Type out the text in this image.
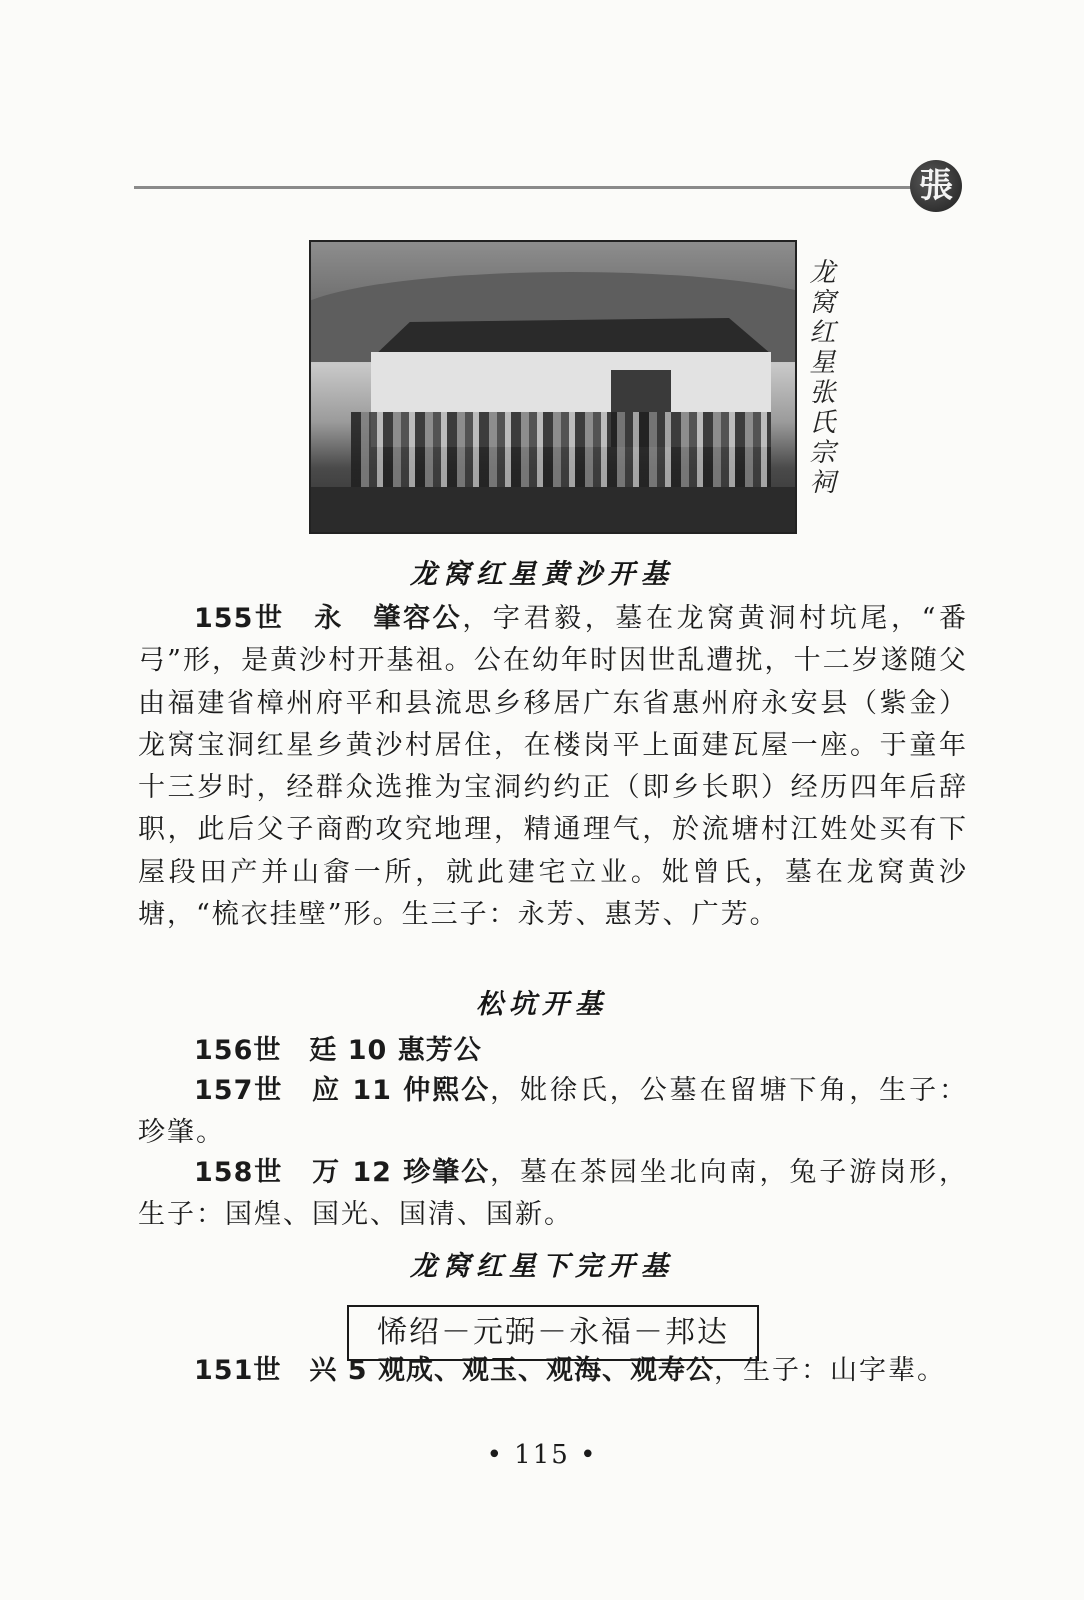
張
龙窝红星张氏宗祠
龙窝红星黄沙开基
155世　永　肇容公，字君毅，墓在龙窝黄洞村坑尾，“番弓”形，是黄沙村开基祖。公在幼年时因世乱遭扰，十二岁遂随父由福建省樟州府平和县流思乡移居广东省惠州府永安县（紫金）龙窝宝洞红星乡黄沙村居住，在楼岗平上面建瓦屋一座。于童年十三岁时，经群众选推为宝洞约约正（即乡长职）经历四年后辞职，此后父子商酌攻究地理，精通理气，於流塘村江姓处买有下屋段田产并山畲一所，就此建宅立业。妣曾氏，墓在龙窝黄沙塘，“梳衣挂壁”形。生三子：永芳、惠芳、广芳。
松坑开基
156世　廷 10 惠芳公
157世　应 11 仲熙公，妣徐氏，公墓在留塘下角，生子：珍肇。
158世　万 12 珍肇公，墓在茶园坐北向南，兔子游岗形，生子：国煌、国光、国清、国新。
龙窝红星下完开基
悕绍－元弼－永福－邦达
151世　兴 5 观成、观玉、观海、观寿公，生子：山字辈。
• 115 •
